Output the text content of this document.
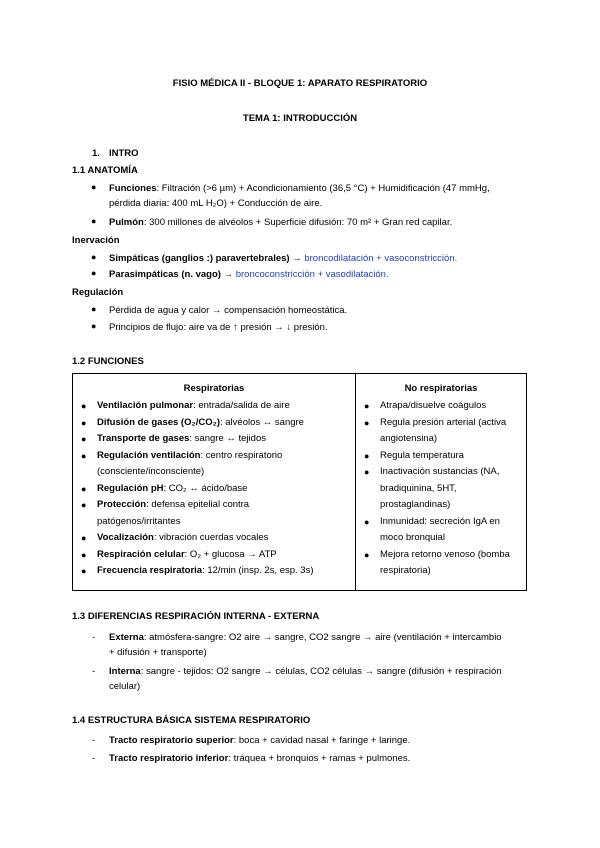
FISIO MÉDICA II - BLOQUE 1: APARATO RESPIRATORIO
TEMA 1: INTRODUCCIÓN
1. INTRO
1.1 ANATOMÍA
● Funciones: Filtración (>6 µm) + Acondicionamiento (36,5 °C) + Humidificación (47 mmHg,
pérdida diaria: 400 mL H₂O) + Conducción de aire.
● Pulmón: 300 millones de alvéolos + Superficie difusión: 70 m² + Gran red capilar.
Inervación
● Simpáticas (ganglios :) paravertebrales) → broncodilatación + vasoconstricción.
● Parasimpáticas (n. vago) → broncoconstricción + vasodilatación.
Regulación
● Pérdida de agua y calor → compensación homeostática.
● Principios de flujo: aire va de ↑ presión → ↓ presión.
1.2 FUNCIONES
Respiratorias
● Ventilación pulmonar: entrada/salida de aire
● Difusión de gases (O₂/CO₂): alvéolos ↔ sangre
● Transporte de gases: sangre ↔ tejidos
● Regulación ventilación: centro respiratorio (consciente/inconsciente)
● Regulación pH: CO₂ ↔ ácido/base
● Protección: defensa epitelial contra patógenos/irritantes
● Vocalización: vibración cuerdas vocales
● Respiración celular: O₂ + glucosa → ATP
● Frecuencia respiratoria: 12/min (insp. 2s, esp. 3s)

No respiratorias
● Atrapa/disuelve coágulos
● Regula presión arterial (activa angiotensina)
● Regula temperatura
● Inactivación sustancias (NA, bradiquinina, 5HT, prostaglandinas)
● Inmunidad: secreción IgA en moco bronquial
● Mejora retorno venoso (bomba respiratoria)
1.3 DIFERENCIAS RESPIRACIÓN INTERNA - EXTERNA
- Externa: atmósfera-sangre: O2 aire → sangre, CO2 sangre → aire (ventilación + intercambio
+ difusión + transporte)
- Interna: sangre - tejidos: O2 sangre → células, CO2 células → sangre (difusión + respiración
celular)
1.4 ESTRUCTURA BÁSICA SISTEMA RESPIRATORIO
- Tracto respiratorio superior: boca + cavidad nasal + faringe + laringe.
- Tracto respiratorio inferior: tráquea + bronquios + ramas + pulmones.
